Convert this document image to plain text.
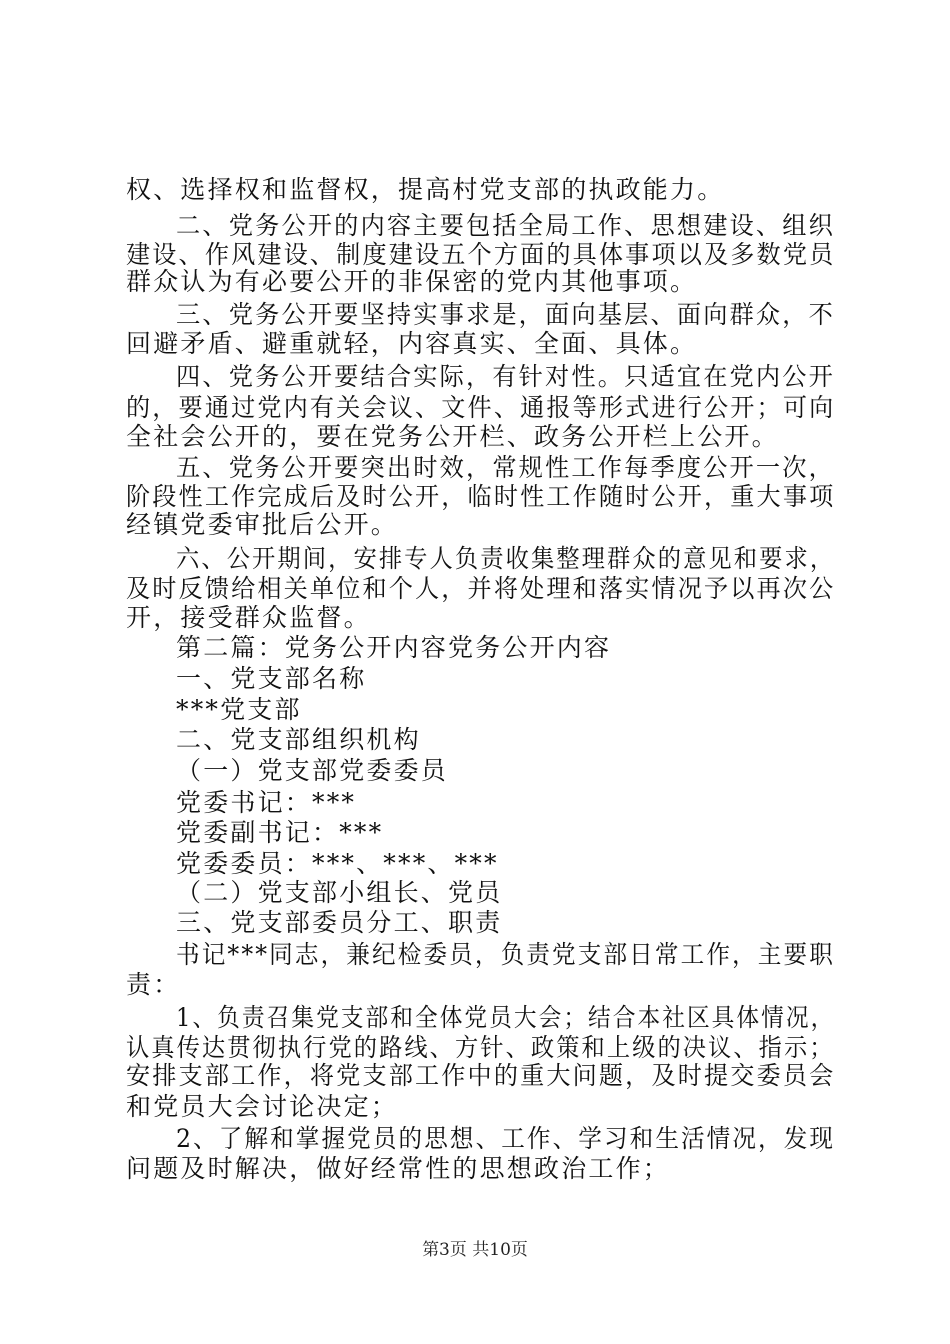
权、选择权和监督权，提高村党支部的执政能力。
二、党务公开的内容主要包括全局工作、思想建设、组织
建设、作风建设、制度建设五个方面的具体事项以及多数党员
群众认为有必要公开的非保密的党内其他事项。
三、党务公开要坚持实事求是，面向基层、面向群众，不
回避矛盾、避重就轻，内容真实、全面、具体。
四、党务公开要结合实际，有针对性。只适宜在党内公开
的，要通过党内有关会议、文件、通报等形式进行公开；可向
全社会公开的，要在党务公开栏、政务公开栏上公开。
五、党务公开要突出时效，常规性工作每季度公开一次，
阶段性工作完成后及时公开，临时性工作随时公开，重大事项
经镇党委审批后公开。
六、公开期间，安排专人负责收集整理群众的意见和要求，
及时反馈给相关单位和个人，并将处理和落实情况予以再次公
开，接受群众监督。
第二篇：党务公开内容党务公开内容
一、党支部名称
***党支部
二、党支部组织机构
（一）党支部党委委员
党委书记：***
党委副书记：***
党委委员：***、***、***
（二）党支部小组长、党员
三、党支部委员分工、职责
书记***同志，兼纪检委员，负责党支部日常工作，主要职
责：
1、负责召集党支部和全体党员大会；结合本社区具体情况，
认真传达贯彻执行党的路线、方针、政策和上级的决议、指示；
安排支部工作，将党支部工作中的重大问题，及时提交委员会
和党员大会讨论决定；
2、了解和掌握党员的思想、工作、学习和生活情况，发现
问题及时解决，做好经常性的思想政治工作；
第3页 共10页
